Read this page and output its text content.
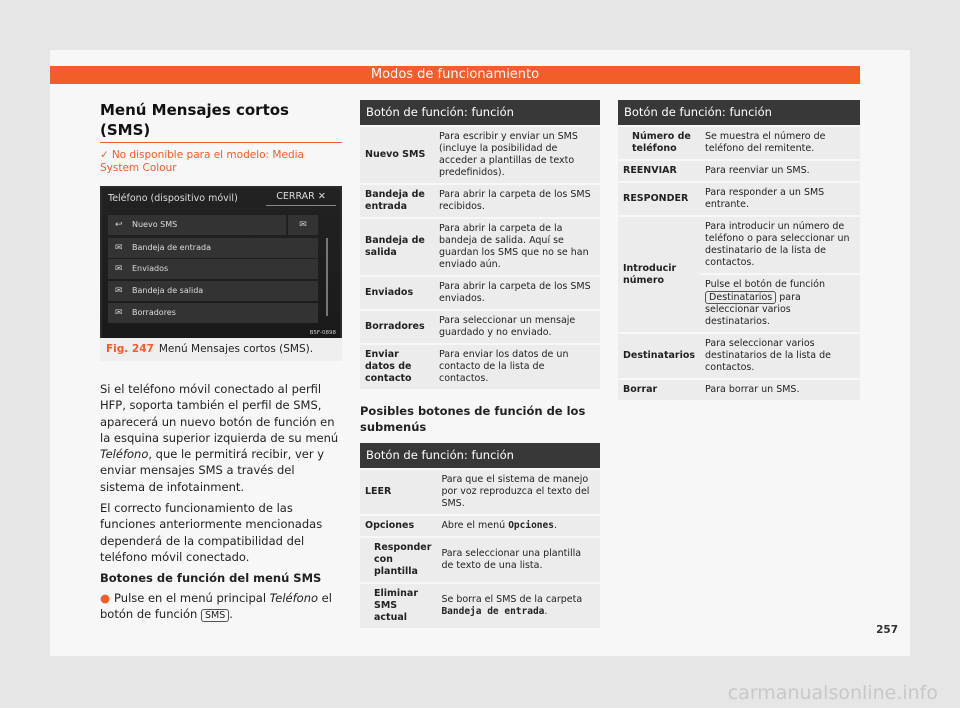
Modos de funcionamiento
Menú Mensajes cortos (SMS)
✓ No disponible para el modelo: Media System Colour
Teléfono (dispositivo móvil)	CERRAR ✕
↩ Nuevo SMS	✉
✉ Bandeja de entrada
✉ Enviados
✉ Bandeja de salida
✉ Borradores
B5F-0898
Fig. 247 Menú Mensajes cortos (SMS).

Si el teléfono móvil conectado al perfil HFP, soporta también el perfil de SMS, aparecerá un nuevo botón de función en la esquina superior izquierda de su menú Teléfono, que le permitirá recibir, ver y enviar mensajes SMS a través del sistema de infotainment.

El correcto funcionamiento de las funciones anteriormente mencionadas dependerá de la compatibilidad del teléfono móvil conectado.

Botones de función del menú SMS

● Pulse en el menú principal Teléfono el botón de función SMS .

Botón de función: función
Nuevo SMS	Para escribir y enviar un SMS (incluye la posibilidad de acceder a plantillas de texto predefinidos).
Bandeja de entrada	Para abrir la carpeta de los SMS recibidos.
Bandeja de salida	Para abrir la carpeta de la bandeja de salida. Aquí se guardan los SMS que no se han enviado aún.
Enviados	Para abrir la carpeta de los SMS enviados.
Borradores	Para seleccionar un mensaje guardado y no enviado.
Enviar datos de contacto	Para enviar los datos de un contacto de la lista de contactos.
Posibles botones de función de los submenús
Botón de función: función
LEER	Para que el sistema de manejo por voz reproduzca el texto del SMS.
Opciones	Abre el menú Opciones.
Responder con plantilla	Para seleccionar una plantilla de texto de una lista.
Eliminar SMS actual	Se borra el SMS de la carpeta Bandeja de entrada.
Botón de función: función
Número de teléfono	Se muestra el número de teléfono del remitente.
REENVIAR	Para reenviar un SMS.
RESPONDER	Para responder a un SMS entrante.
Introducir número	Para introducir un número de teléfono o para seleccionar un destinatario de la lista de contactos.
	Pulse el botón de función Destinatarios para seleccionar varios destinatarios.
Destinatarios	Para seleccionar varios destinatarios de la lista de contactos.
Borrar	Para borrar un SMS.
257
carmanualsonline.info
